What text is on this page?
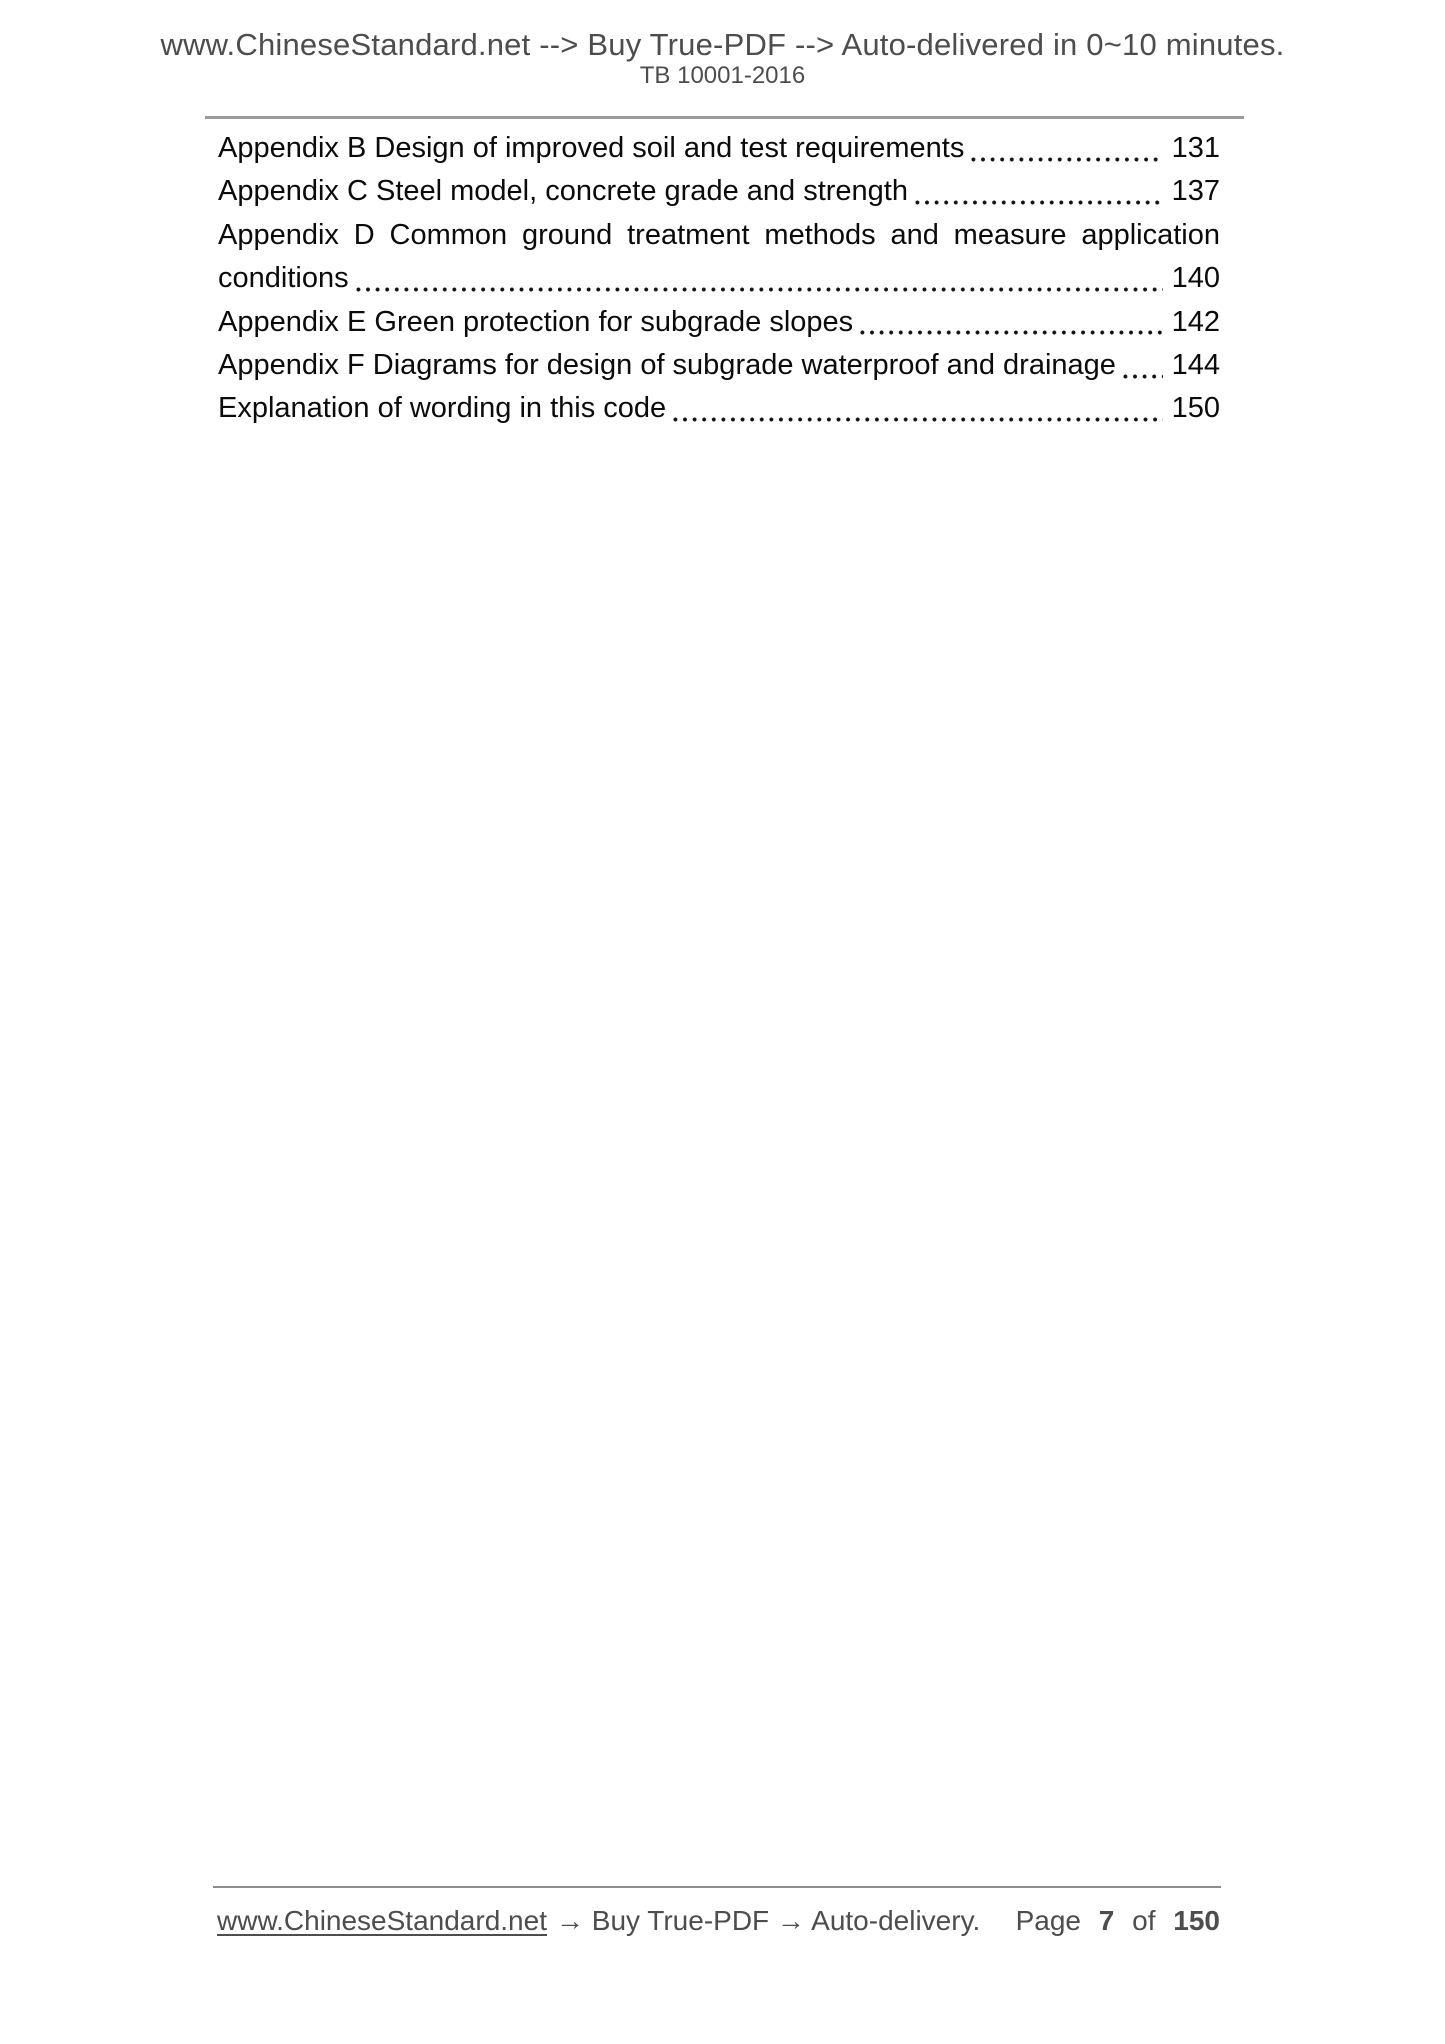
www.ChineseStandard.net --> Buy True-PDF --> Auto-delivered in 0~10 minutes.
TB 10001-2016
Appendix B Design of improved soil and test requirements	131
Appendix C Steel model, concrete grade and strength	137
Appendix D Common ground treatment methods and measure application
conditions	140
Appendix E Green protection for subgrade slopes	142
Appendix F Diagrams for design of subgrade waterproof and drainage 144
Explanation of wording in this code	150
www.ChineseStandard.net → Buy True-PDF → Auto-delivery. Page 7 of 150
